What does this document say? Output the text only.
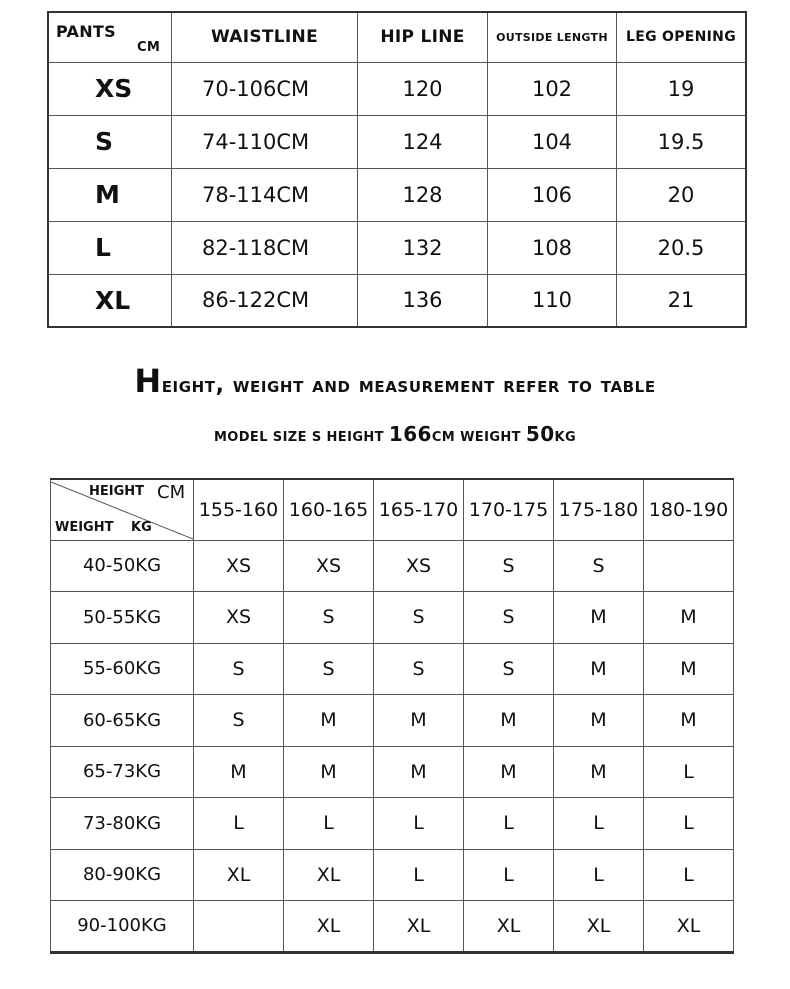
PANTS
CM	WAISTLINE	HIP LINE	OUTSIDE LENGTH	LEG OPENING
XS	70-106CM	120	102	19
S	74-110CM	124	104	19.5
M	78-114CM	128	106	20
L	82-118CM	132	108	20.5
XL	86-122CM	136	110	21
Height, weight and measurement refer to table
MODEL SIZE S HEIGHT 166CM WEIGHT 50KG
HEIGHT CM
WEIGHT KG	155-160	160-165	165-170	170-175	175-180	180-190
40-50KG	XS	XS	XS	S	S	
50-55KG	XS	S	S	S	M	M
55-60KG	S	S	S	S	M	M
60-65KG	S	M	M	M	M	M
65-73KG	M	M	M	M	M	L
73-80KG	L	L	L	L	L	L
80-90KG	XL	XL	L	L	L	L
90-100KG		XL	XL	XL	XL	XL
